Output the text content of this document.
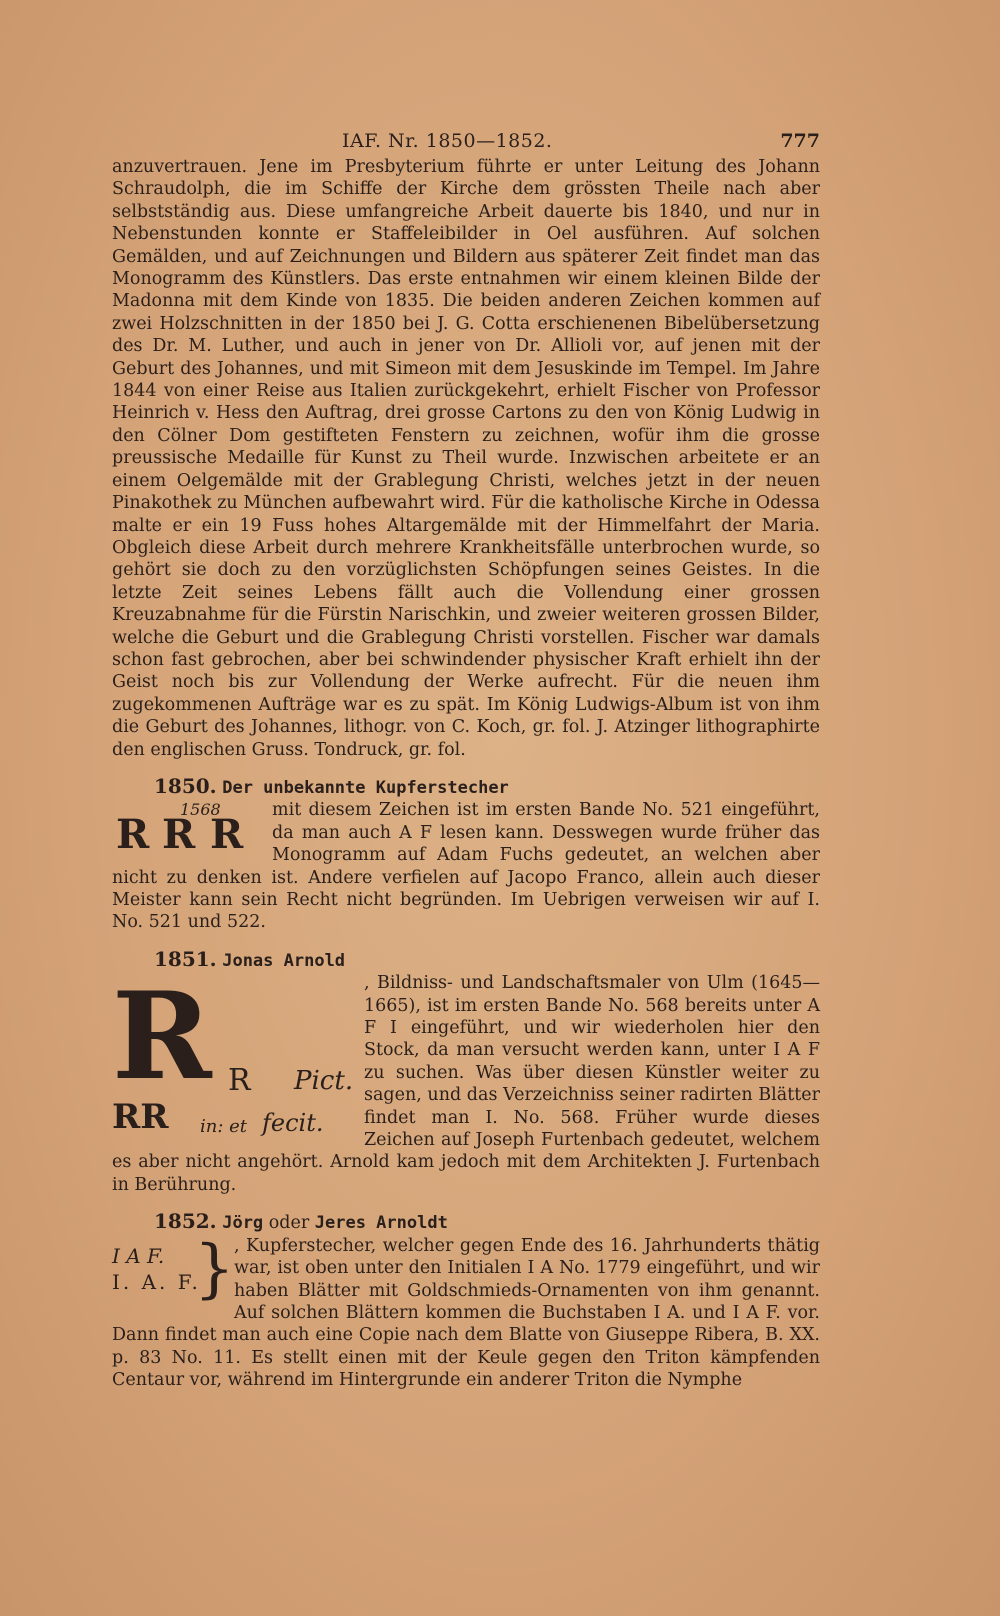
IAF. Nr. 1850—1852.	777

anzuvertrauen. Jene im Presbyterium führte er unter Leitung des Johann Schraudolph, die im Schiffe der Kirche dem grössten Theile nach aber selbstständig aus. Diese umfangreiche Arbeit dauerte bis 1840, und nur in Nebenstunden konnte er Staffeleibilder in Oel ausführen. Auf solchen Gemälden, und auf Zeichnungen und Bildern aus späterer Zeit findet man das Monogramm des Künstlers. Das erste entnahmen wir einem kleinen Bilde der Madonna mit dem Kinde von 1835. Die beiden anderen Zeichen kommen auf zwei Holzschnitten in der 1850 bei J. G. Cotta erschienenen Bibelübersetzung des Dr. M. Luther, und auch in jener von Dr. Allioli vor, auf jenen mit der Geburt des Johannes, und mit Simeon mit dem Jesuskinde im Tempel. Im Jahre 1844 von einer Reise aus Italien zurückgekehrt, erhielt Fischer von Professor Heinrich v. Hess den Auftrag, drei grosse Cartons zu den von König Ludwig in den Cölner Dom gestifteten Fenstern zu zeichnen, wofür ihm die grosse preussische Medaille für Kunst zu Theil wurde. Inzwischen arbeitete er an einem Oelgemälde mit der Grablegung Christi, welches jetzt in der neuen Pinakothek zu München aufbewahrt wird. Für die katholische Kirche in Odessa malte er ein 19 Fuss hohes Altargemälde mit der Himmelfahrt der Maria. Obgleich diese Arbeit durch mehrere Krankheitsfälle unterbrochen wurde, so gehört sie doch zu den vorzüglichsten Schöpfungen seines Geistes. In die letzte Zeit seines Lebens fällt auch die Vollendung einer grossen Kreuzabnahme für die Fürstin Narischkin, und zweier weiteren grossen Bilder, welche die Geburt und die Grablegung Christi vorstellen. Fischer war damals schon fast gebrochen, aber bei schwindender physischer Kraft erhielt ihn der Geist noch bis zur Vollendung der Werke aufrecht. Für die neuen ihm zugekommenen Aufträge war es zu spät. Im König Ludwigs-Album ist von ihm die Geburt des Johannes, lithogr. von C. Koch, gr. fol. J. Atzinger lithographirte den englischen Gruss. Tondruck, gr. fol.

1850. Der unbekannte Kupferstecher

R R R
1568	mit diesem Zeichen ist im ersten Bande No. 521 eingeführt, da man auch A F lesen kann. Desswegen wurde früher das Monogramm auf Adam Fuchs gedeutet, an welchen aber nicht zu denken ist. Andere verfielen auf Jacopo Franco, allein auch dieser Meister kann sein Recht nicht begründen. Im Uebrigen verweisen wir auf I. No. 521 und 522.

1851. Jonas Arnold

R R Pict.
RR in: et fecit.
, Bildniss- und Landschaftsmaler von Ulm (1645—1665), ist im ersten Bande No. 568 bereits unter A F I eingeführt, und wir wiederholen hier den Stock, da man versucht werden kann, unter I A F zu suchen. Was über diesen Künstler weiter zu sagen, und das Verzeichniss seiner radirten Blätter findet man I. No. 568. Früher wurde dieses Zeichen auf Joseph Furtenbach gedeutet, welchem es aber nicht angehört. Arnold kam jedoch mit dem Architekten J. Furtenbach in Berührung.

1852. Jörg oder Jeres Arnoldt

I A F.
I. A. F.
} , Kupferstecher, welcher gegen Ende des 16. Jahrhunderts thätig war, ist oben unter den Initialen I A No. 1779 eingeführt, und wir haben Blätter mit Goldschmieds-Ornamenten von ihm genannt. Auf solchen Blättern kommen die Buchstaben I A. und I A F. vor. Dann findet man auch eine Copie nach dem Blatte von Giuseppe Ribera, B. XX. p. 83 No. 11. Es stellt einen mit der Keule gegen den Triton kämpfenden Centaur vor, während im Hintergrunde ein anderer Triton die Nymphe
